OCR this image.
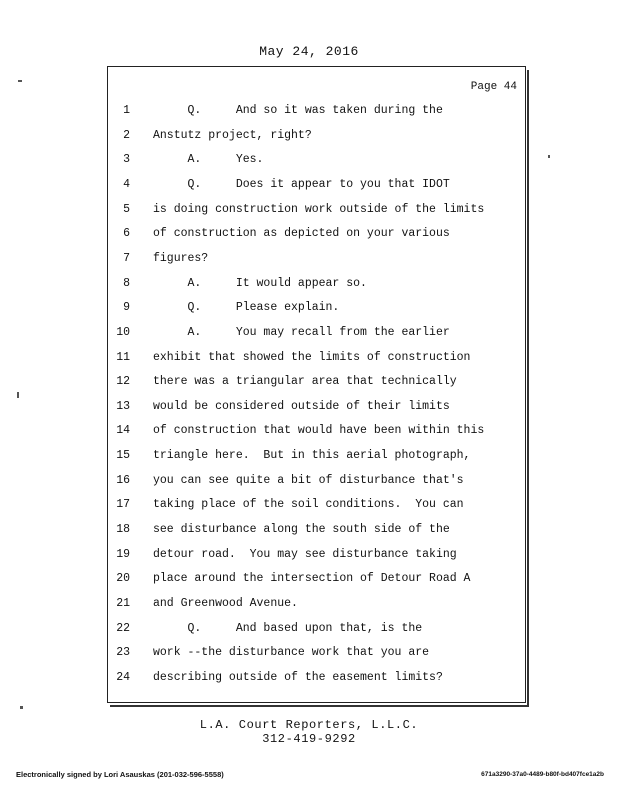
May 24, 2016
Page 44
1 Q.     And so it was taken during the
2 Anstutz project, right?
3 A.     Yes.
4 Q.     Does it appear to you that IDOT
5 is doing construction work outside of the limits
6 of construction as depicted on your various
7 figures?
8 A.     It would appear so.
9 Q.     Please explain.
10 A.     You may recall from the earlier
11 exhibit that showed the limits of construction
12 there was a triangular area that technically
13 would be considered outside of their limits
14 of construction that would have been within this
15 triangle here.  But in this aerial photograph,
16 you can see quite a bit of disturbance that's
17 taking place of the soil conditions.  You can
18 see disturbance along the south side of the
19 detour road.  You may see disturbance taking
20 place around the intersection of Detour Road A
21 and Greenwood Avenue.
22 Q.     And based upon that, is the
23 work --the disturbance work that you are
24 describing outside of the easement limits?
L.A. Court Reporters, L.L.C.
312-419-9292
Electronically signed by Lori Asauskas (201-032-596-5558)	671a3290-37a0-4489-b80f-bd407fce1a2b
